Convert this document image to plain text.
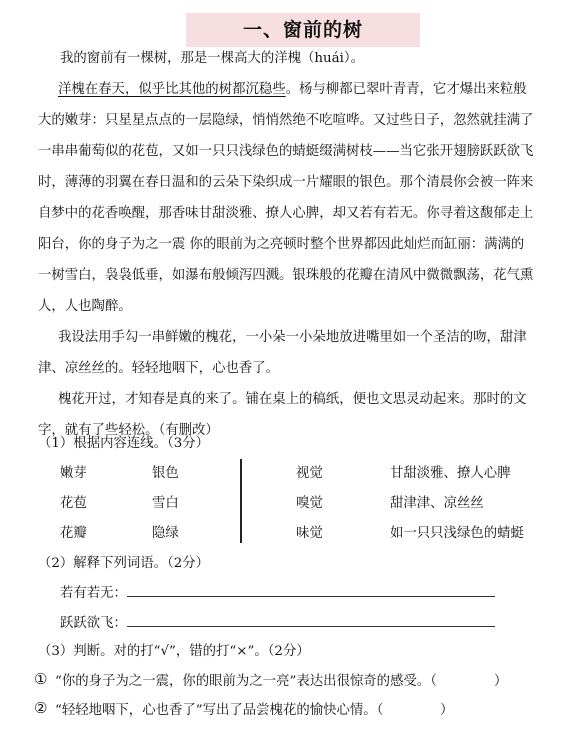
一、窗前的树
我的窗前有一棵树，那是一棵高大的洋槐（huái）。
洋槐在春天，似乎比其他的树都沉稳些。杨与柳都已翠叶青青，它才爆出来粒般
大的嫩芽：只星星点点的一层隐绿，悄悄然绝不吃喧哗。又过些日子，忽然就挂满了
一串串葡萄似的花苞，又如一只只浅绿色的蜻蜓缀满树枝——当它张开翅膀跃跃欲飞
时，薄薄的羽翼在春日温和的云朵下染织成一片耀眼的银色。那个清晨你会被一阵来
自梦中的花香唤醒，那香味甘甜淡雅、撩人心脾，却又若有若无。你寻着这馥郁走上
阳台，你的身子为之一震 你的眼前为之亮顿时整个世界都因此灿烂而缸丽：满满的
一树雪白，袅袅低垂，如瀑布般倾泻四溅。银珠般的花瓣在清风中微微飘荡，花气熏
人，人也陶醉。
我设法用手勾一串鲜嫩的槐花，一小朵一小朵地放进嘴里如一个圣洁的吻，甜津
津、凉丝丝的。轻轻地咽下，心也香了。
槐花开过，才知春是真的来了。铺在桌上的稿纸，便也文思灵动起来。那时的文
字，就有了些轻松。（有删改）
（1）根据内容连线。（3分）
嫩芽
花苞
花瓣
银色
雪白
隐绿
视觉
嗅觉
味觉
甘甜淡雅、撩人心脾
甜津津、凉丝丝
如一只只浅绿色的蜻蜓
（2）解释下列词语。（2分）
若有若无：
跃跃欲飞：
（3）判断。对的打“√”，错的打“×”。（2分）
① “你的身子为之一震，你的眼前为之一亮”表达出很惊奇的感受。（	）
② “轻轻地咽下，心也香了”写出了品尝槐花的愉快心情。（	）
